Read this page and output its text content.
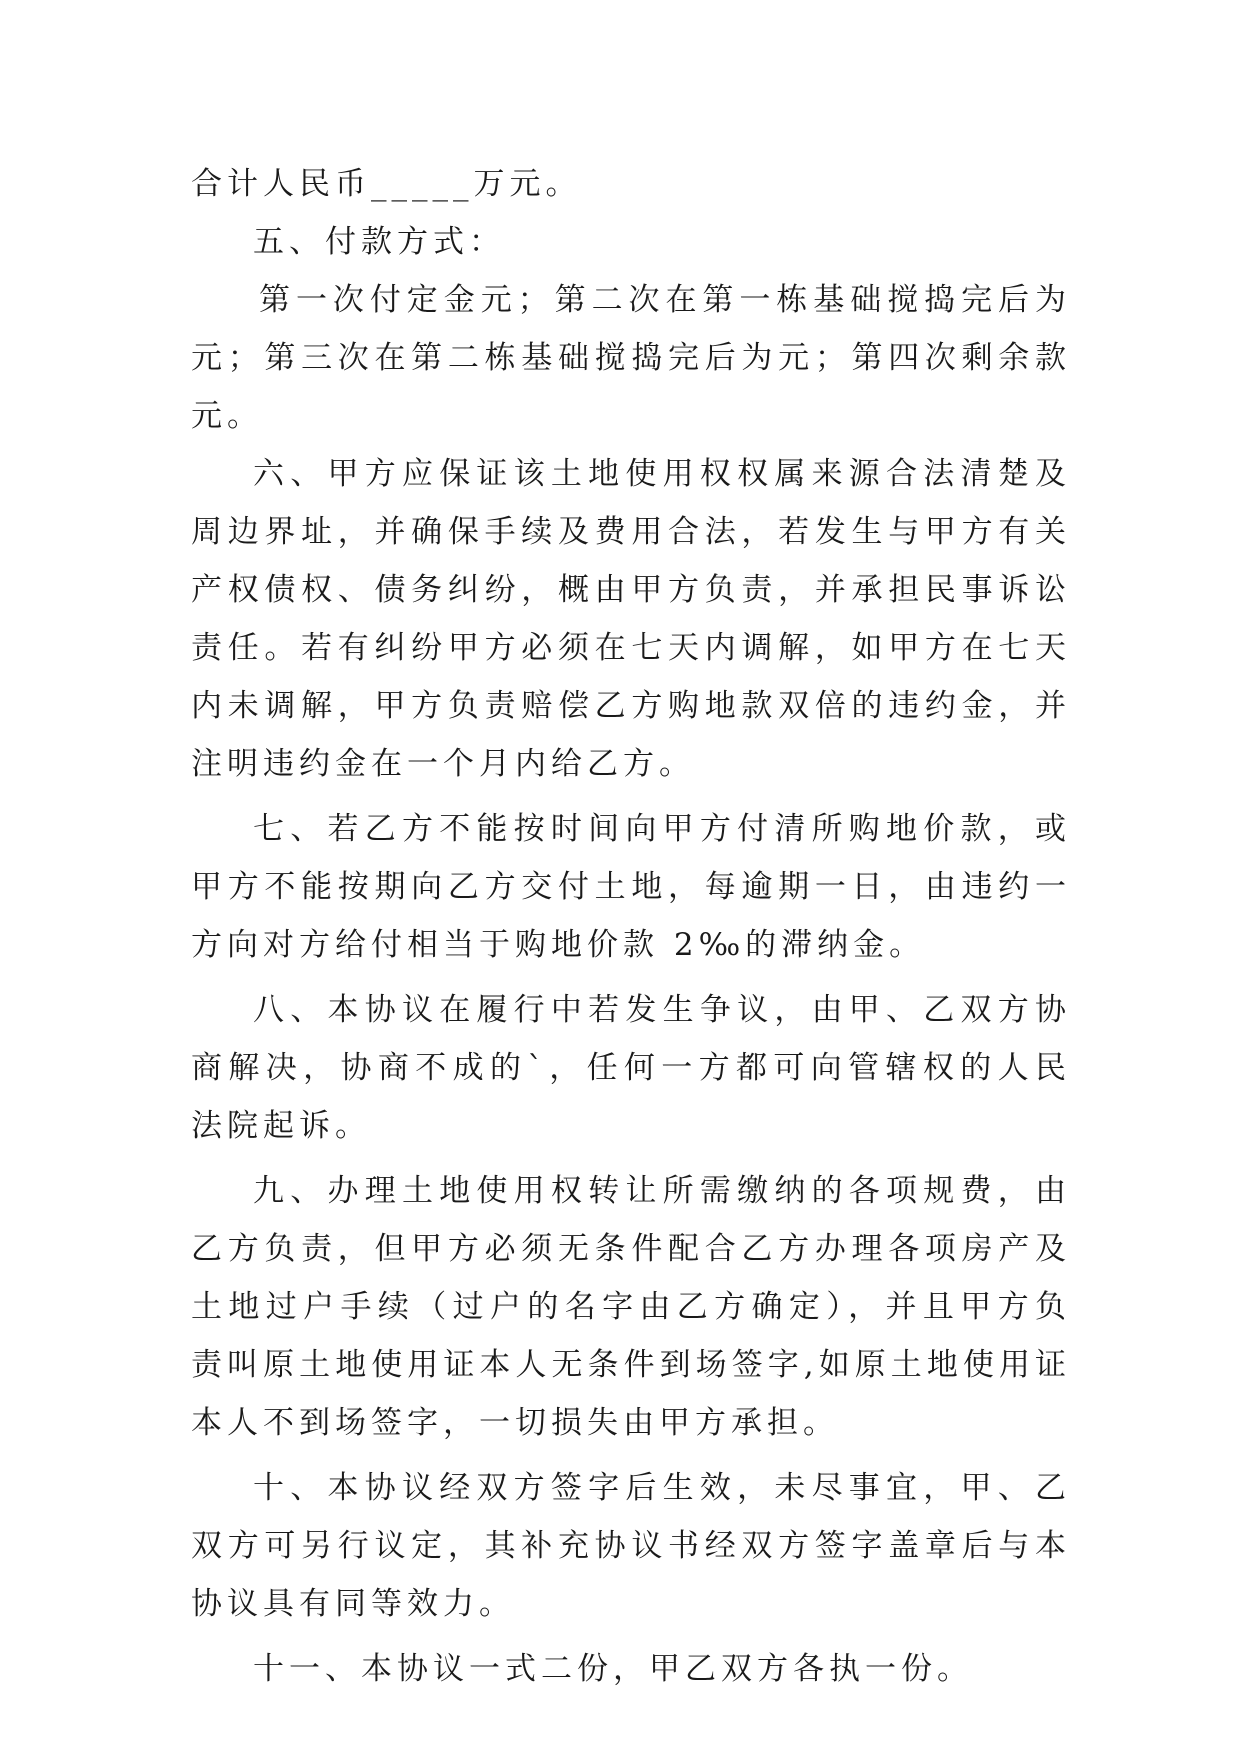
合计人民币_____万元。

五、付款方式：

第一次付定金元；第二次在第一栋基础搅捣完后为元；第三次在第二栋基础搅捣完后为元；第四次剩余款元。

六、甲方应保证该土地使用权权属来源合法清楚及周边界址，并确保手续及费用合法，若发生与甲方有关产权债权、债务纠纷，概由甲方负责，并承担民事诉讼责任。若有纠纷甲方必须在七天内调解，如甲方在七天内未调解，甲方负责赔偿乙方购地款双倍的违约金，并注明违约金在一个月内给乙方。

七、若乙方不能按时间向甲方付清所购地价款，或甲方不能按期向乙方交付土地，每逾期一日，由违约一方向对方给付相当于购地价款 2‰的滞纳金。

八、本协议在履行中若发生争议，由甲、乙双方协商解决，协商不成的`，任何一方都可向管辖权的人民法院起诉。

九、办理土地使用权转让所需缴纳的各项规费，由乙方负责，但甲方必须无条件配合乙方办理各项房产及土地过户手续（过户的名字由乙方确定），并且甲方负责叫原土地使用证本人无条件到场签字,如原土地使用证本人不到场签字，一切损失由甲方承担。

十、本协议经双方签字后生效，未尽事宜，甲、乙双方可另行议定，其补充协议书经双方签字盖章后与本协议具有同等效力。

十一、本协议一式二份，甲乙双方各执一份。
